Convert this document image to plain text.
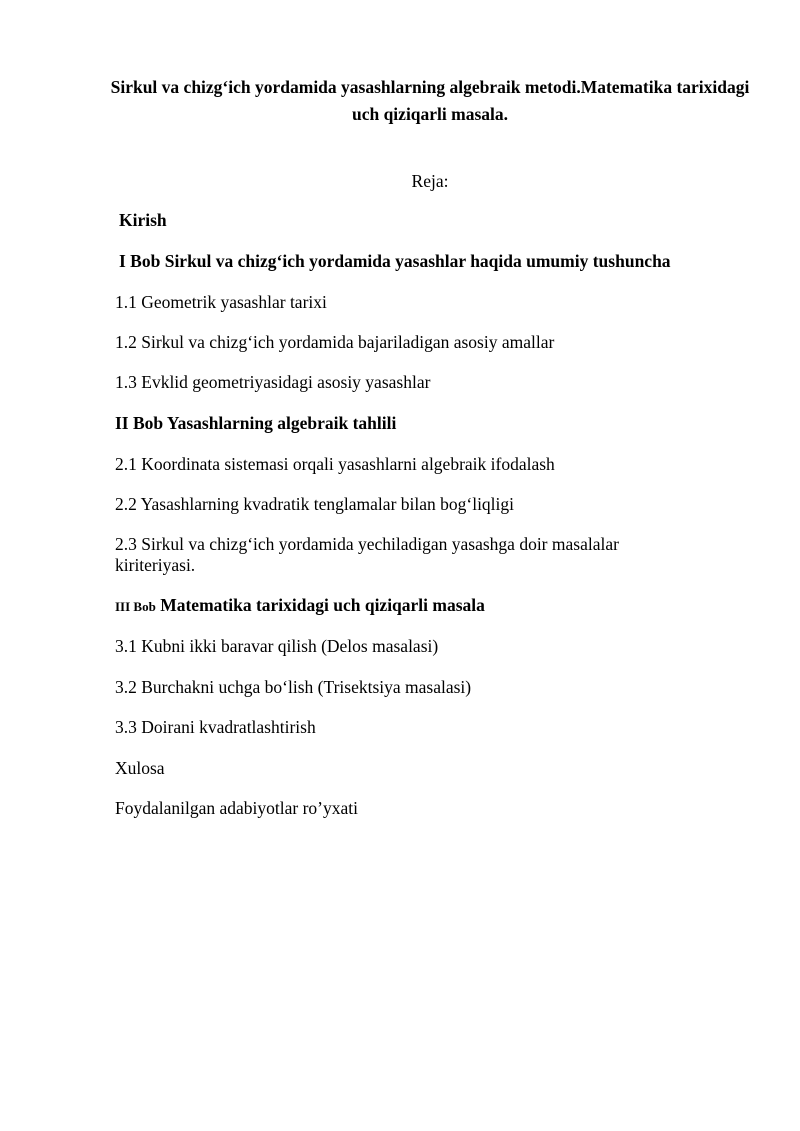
Sirkul va chizg‘ich yordamida yasashlarning algebraik metodi.Matematika tarixidagi uch qiziqarli masala.
Reja:
Kirish
I Bob Sirkul va chizg‘ich yordamida yasashlar haqida umumiy tushuncha
1.1 Geometrik yasashlar tarixi
1.2 Sirkul va chizg‘ich yordamida bajariladigan asosiy amallar
1.3 Evklid geometriyasidagi asosiy yasashlar
II Bob Yasashlarning algebraik tahlili
2.1 Koordinata sistemasi orqali yasashlarni algebraik ifodalash
2.2 Yasashlarning kvadratik tenglamalar bilan bog‘liqligi
2.3 Sirkul va chizg‘ich yordamida yechiladigan yasashga doir masalalar kiriteriyasi.
III Bob Matematika tarixidagi uch qiziqarli masala
3.1 Kubni ikki baravar qilish (Delos masalasi)
3.2 Burchakni uchga bo‘lish (Trisektsiya masalasi)
3.3 Doirani kvadratlashtirish
Xulosa
Foydalanilgan adabiyotlar ro’yxati
